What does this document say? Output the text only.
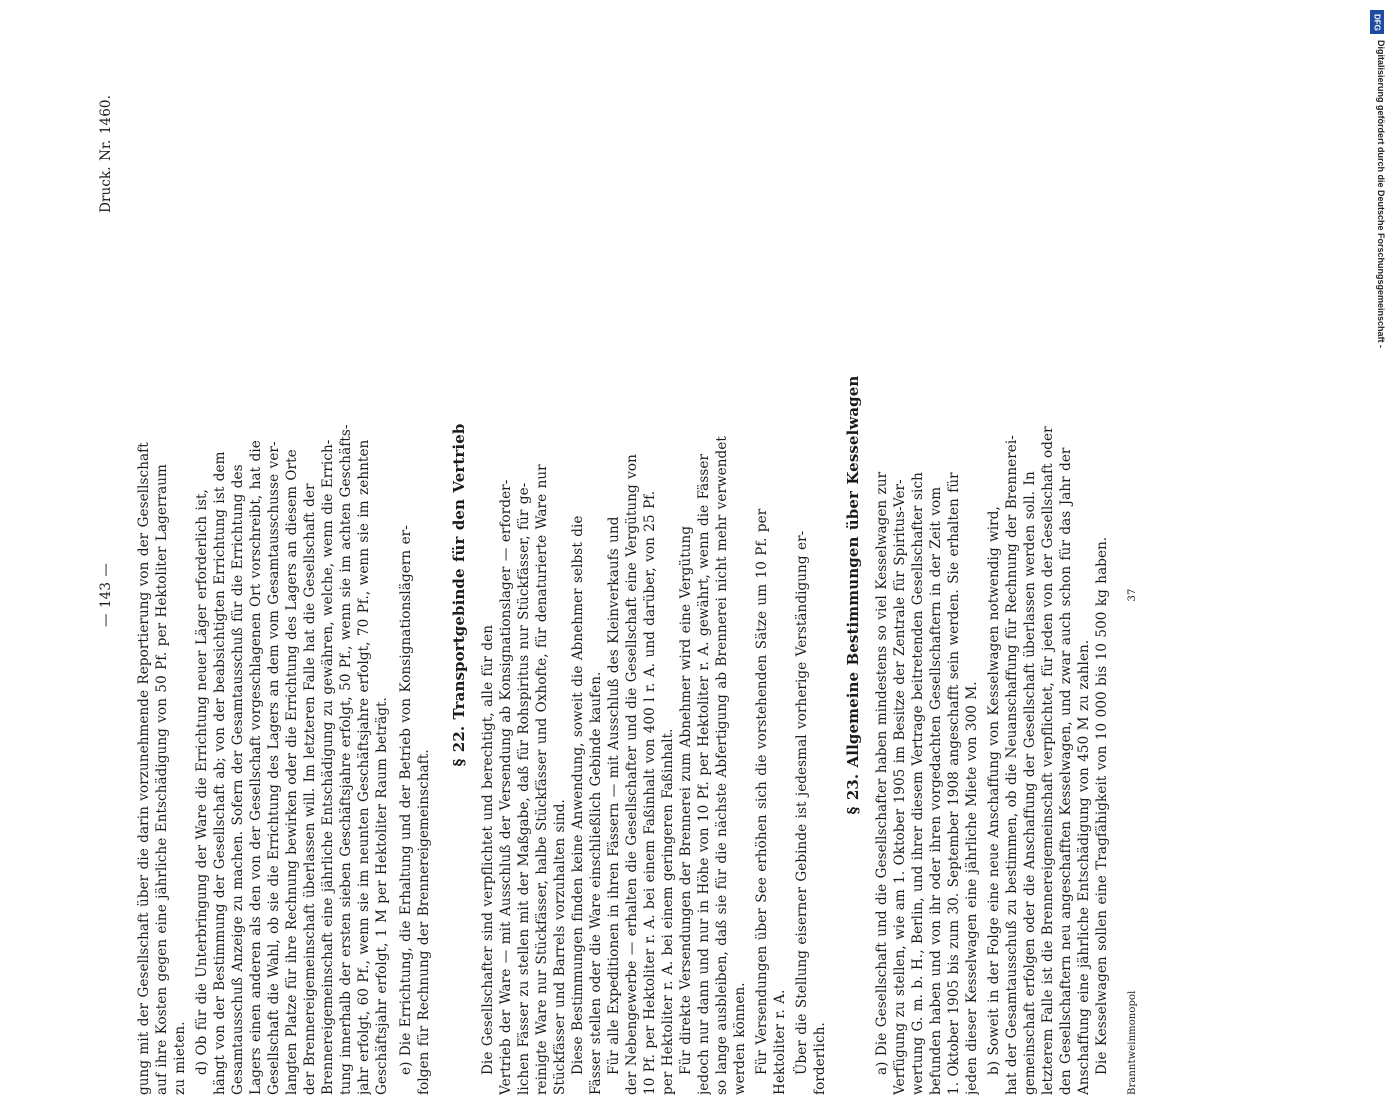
— 143 —
Druck. Nr. 1460.
gung mit der Gesellschaft über die darin vorzunehmende Reportierung von der Gesellschaft auf ihre Kosten gegen eine jährliche Entschädigung von 50 Pf. per Hektoliter Lagerraum zu mieten. d) Ob für die Unterbringung der Ware die Errichtung neuer Läger erforderlich ist, hängt von der Bestimmung der Gesellschaft ab; von der beabsichtigten Errichtung ist dem Gesamtausschuß Anzeige zu machen. Sofern der Gesamtausschuß für die Errichtung des Lagers einen anderen als den von der Gesellschaft vorgeschlagenen Ort vorschreibt, hat die Gesellschaft die Wahl, ob sie die Errichtung des Lagers an dem vom Gesamtausschusse ver- langten Platze für ihre Rechnung bewirken oder die Errichtung des Lagers an diesem Orte der Brennereigemeinschaft überlassen will. Im letzteren Falle hat die Gesellschaft der Brennereigemeinschaft eine jährliche Entschädigung zu gewähren, welche, wenn die Errich- tung innerhalb der ersten sieben Geschäftsjahre erfolgt, 50 Pf., wenn sie im achten Geschäfts- jahr erfolgt, 60 Pf., wenn sie im neunten Geschäftsjahre erfolgt, 70 Pf., wenn sie im zehnten Geschäftsjahr erfolgt, 1 M per Hektoliter Raum beträgt. e) Die Errichtung, die Erhaltung und der Betrieb von Konsignationslägern er- folgen für Rechnung der Brennereigemeinschaft.
§ 22. Transportgebinde für den Vertrieb
Die Gesellschafter sind verpflichtet und berechtigt, alle für den Vertrieb der Ware — mit Ausschluß der Versendung ab Konsignationslager — erforder- lichen Fässer zu stellen mit der Maßgabe, daß für Rohspiritus nur Stückfässer, für ge- reinigte Ware nur Stückfässer, halbe Stückfässer und Oxhofte, für denaturierte Ware nur Stückfässer und Barrels vorzuhalten sind. Diese Bestimmungen finden keine Anwendung, soweit die Abnehmer selbst die Fässer stellen oder die Ware einschließlich Gebinde kaufen. Für alle Expeditionen in ihren Fässern — mit Ausschluß des Kleinverkaufs und der Nebengewerbe — erhalten die Gesellschafter und die Gesellschaft eine Vergütung von 10 Pf. per Hektoliter r. A. bei einem Faßinhalt von 400 l r. A. und darüber, von 25 Pf. per Hektoliter r. A. bei einem geringeren Faßinhalt. Für direkte Versendungen der Brennerei zum Abnehmer wird eine Vergütung jedoch nur dann und nur in Höhe von 10 Pf. per Hektoliter r. A. gewährt, wenn die Fässer so lange ausbleiben, daß sie für die nächste Abfertigung ab Brennerei nicht mehr verwendet werden können. Für Versendungen über See erhöhen sich die vorstehenden Sätze um 10 Pf. per Hektoliter r. A. Über die Stellung eiserner Gebinde ist jedesmal vorherige Verständigung er- forderlich.
§ 23. Allgemeine Bestimmungen über Kesselwagen a) Die Gesellschaft und die Gesellschafter haben mindestens so viel Kesselwagen zur Verfügung zu stellen, wie am 1. Oktober 1905 im Besitze der Zentrale für Spiritus-Ver- wertung G. m. b. H., Berlin, und ihrer diesem Vertrage beitretenden Gesellschafter sich befunden haben und von ihr oder ihren vorgedachten Gesellschaftern in der Zeit vom 1. Oktober 1905 bis zum 30. September 1908 angeschafft sein werden. Sie erhalten für jeden dieser Kesselwagen eine jährliche Miete von 300 M. b) Soweit in der Folge eine neue Anschaffung von Kesselwagen notwendig wird, hat der Gesamtausschuß zu bestimmen, ob die Neuanschaffung für Rechnung der Brennerei- gemeinschaft erfolgen oder die Anschaffung der Gesellschaft überlassen werden soll. In letzterem Falle ist die Brennereigemeinschaft verpflichtet, für jeden von der Gesellschaft oder den Gesellschaftern neu angeschafften Kesselwagen, und zwar auch schon für das Jahr der Anschaffung eine jährliche Entschädigung von 450 M zu zahlen. Die Kesselwagen sollen eine Tragfähigkeit von 10 000 bis 10 500 kg haben. Branntweinmonopol
37
DFG
Digitalisierung gefördert durch die Deutsche Forschungsgemeinschaft -
